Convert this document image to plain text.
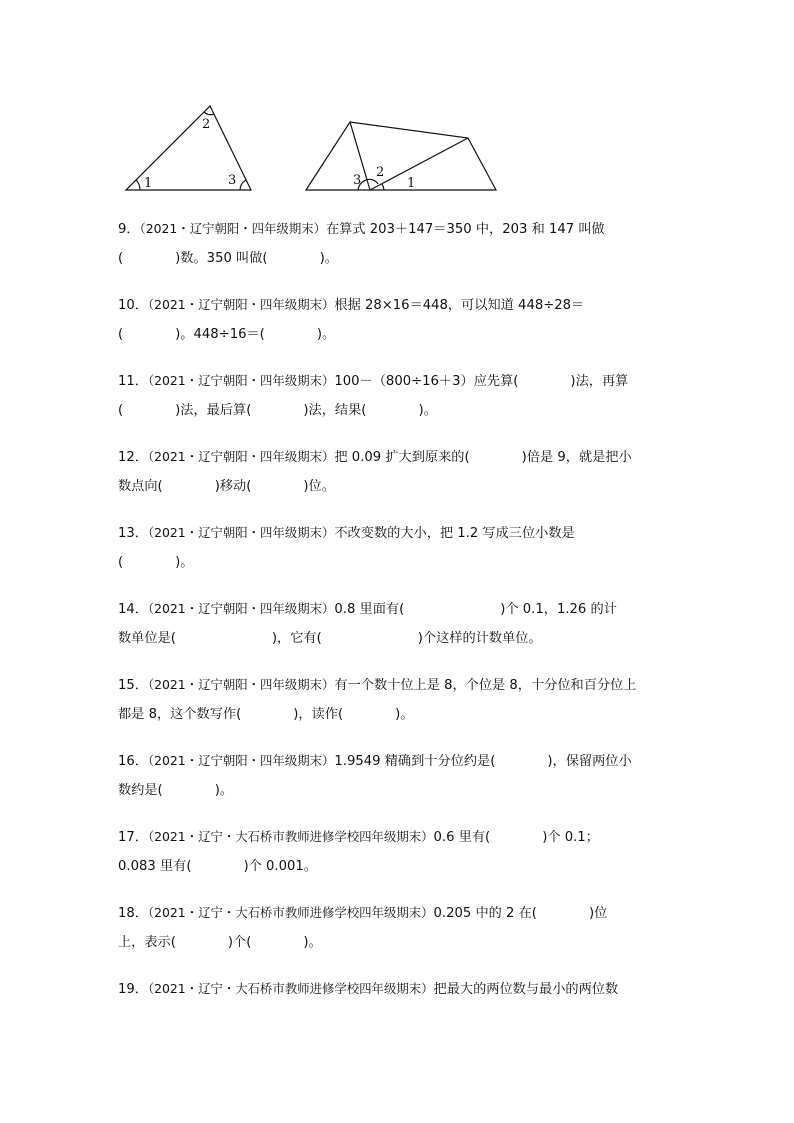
1
2
3	3
2
1
9．（2021・辽宁朝阳・四年级期末）在算式 203＋147＝350 中，203 和 147 叫做
(	)数。350 叫做(	)。
10．（2021・辽宁朝阳・四年级期末）根据 28×16＝448，可以知道 448÷28＝
(	)。448÷16＝(	)。
11．（2021・辽宁朝阳・四年级期末）100－（800÷16＋3）应先算(	)法，再算
(	)法，最后算(	)法，结果(	)。
12．（2021・辽宁朝阳・四年级期末）把 0.09 扩大到原来的(	)倍是 9，就是把小
数点向(	)移动(	)位。
13．（2021・辽宁朝阳・四年级期末）不改变数的大小，把 1.2 写成三位小数是
(	)。
14．（2021・辽宁朝阳・四年级期末）0.8 里面有(	)个 0.1，1.26 的计
数单位是(	)，它有(	)个这样的计数单位。
15．（2021・辽宁朝阳・四年级期末）有一个数十位上是 8，个位是 8，十分位和百分位上
都是 8，这个数写作(	)，读作(	)。
16．（2021・辽宁朝阳・四年级期末）1.9549 精确到十分位约是(	)，保留两位小
数约是(	)。
17．（2021・辽宁・大石桥市教师进修学校四年级期末）0.6 里有(	)个 0.1；
0.083 里有(	)个 0.001。
18．（2021・辽宁・大石桥市教师进修学校四年级期末）0.205 中的 2 在(	)位
上，表示(	)个(	)。
19．（2021・辽宁・大石桥市教师进修学校四年级期末）把最大的两位数与最小的两位数
